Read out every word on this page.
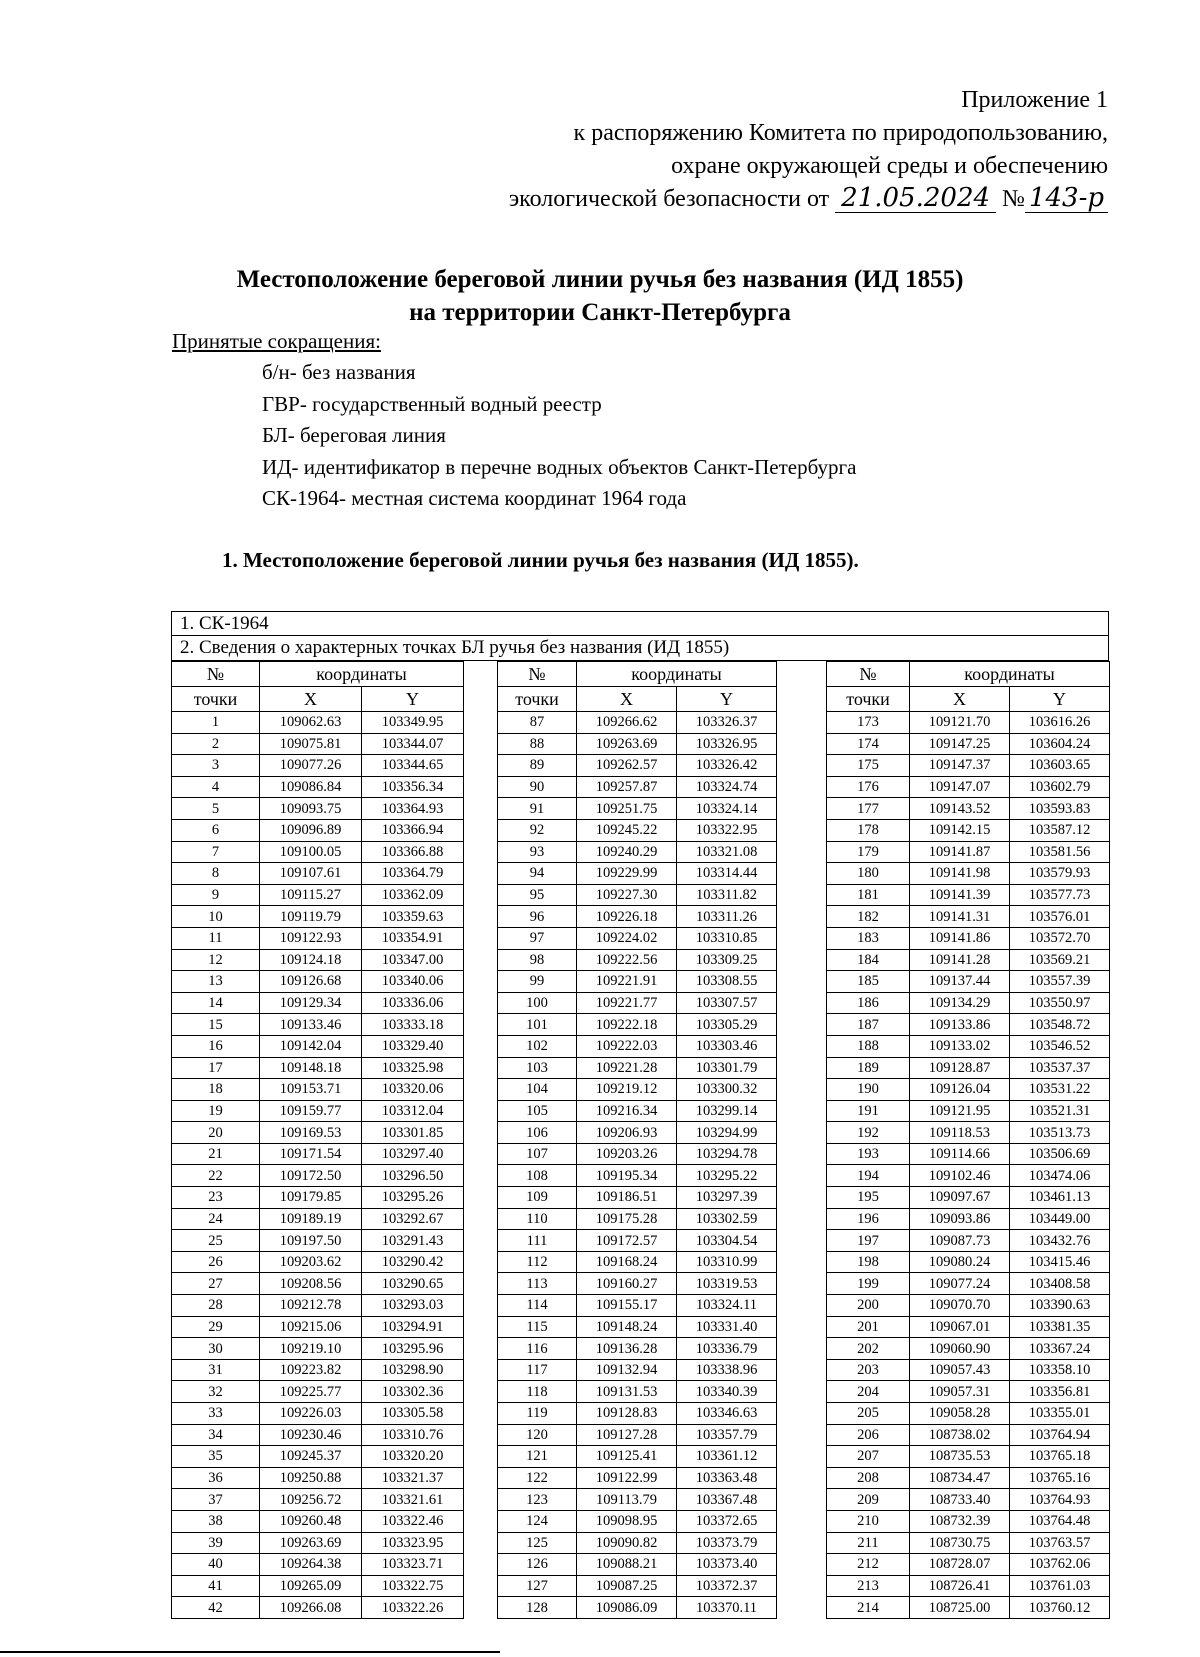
Приложение 1
к распоряжению Комитета по природопользованию,
охране окружающей среды и обеспечению
экологической безопасности от 21.05.2024 № 143-р
Местоположение береговой линии ручья без названия (ИД 1855)
на территории Санкт-Петербурга
Принятые сокращения:
б/н- без названия
ГВР- государственный водный реестр
БЛ- береговая линия
ИД- идентификатор в перечне водных объектов Санкт-Петербурга
СК-1964- местная система координат 1964 года
1. Местоположение береговой линии ручья без названия (ИД 1855).
1. СК-1964
2. Сведения о характерных точках БЛ ручья без названия (ИД 1855)
№	координаты	
точки	X	Y
1	109062.63	103349.95
2	109075.81	103344.07
3	109077.26	103344.65
4	109086.84	103356.34
5	109093.75	103364.93
6	109096.89	103366.94
7	109100.05	103366.88
8	109107.61	103364.79
9	109115.27	103362.09
10	109119.79	103359.63
11	109122.93	103354.91
12	109124.18	103347.00
13	109126.68	103340.06
14	109129.34	103336.06
15	109133.46	103333.18
16	109142.04	103329.40
17	109148.18	103325.98
18	109153.71	103320.06
19	109159.77	103312.04
20	109169.53	103301.85
21	109171.54	103297.40
22	109172.50	103296.50
23	109179.85	103295.26
24	109189.19	103292.67
25	109197.50	103291.43
26	109203.62	103290.42
27	109208.56	103290.65
28	109212.78	103293.03
29	109215.06	103294.91
30	109219.10	103295.96
31	109223.82	103298.90
32	109225.77	103302.36
33	109226.03	103305.58
34	109230.46	103310.76
35	109245.37	103320.20
36	109250.88	103321.37
37	109256.72	103321.61
38	109260.48	103322.46
39	109263.69	103323.95
40	109264.38	103323.71
41	109265.09	103322.75
42	109266.08	103322.26
№	координаты	
точки	X	Y
87	109266.62	103326.37
88	109263.69	103326.95
89	109262.57	103326.42
90	109257.87	103324.74
91	109251.75	103324.14
92	109245.22	103322.95
93	109240.29	103321.08
94	109229.99	103314.44
95	109227.30	103311.82
96	109226.18	103311.26
97	109224.02	103310.85
98	109222.56	103309.25
99	109221.91	103308.55
100	109221.77	103307.57
101	109222.18	103305.29
102	109222.03	103303.46
103	109221.28	103301.79
104	109219.12	103300.32
105	109216.34	103299.14
106	109206.93	103294.99
107	109203.26	103294.78
108	109195.34	103295.22
109	109186.51	103297.39
110	109175.28	103302.59
111	109172.57	103304.54
112	109168.24	103310.99
113	109160.27	103319.53
114	109155.17	103324.11
115	109148.24	103331.40
116	109136.28	103336.79
117	109132.94	103338.96
118	109131.53	103340.39
119	109128.83	103346.63
120	109127.28	103357.79
121	109125.41	103361.12
122	109122.99	103363.48
123	109113.79	103367.48
124	109098.95	103372.65
125	109090.82	103373.79
126	109088.21	103373.40
127	109087.25	103372.37
128	109086.09	103370.11
№	координаты	
точки	X	Y
173	109121.70	103616.26
174	109147.25	103604.24
175	109147.37	103603.65
176	109147.07	103602.79
177	109143.52	103593.83
178	109142.15	103587.12
179	109141.87	103581.56
180	109141.98	103579.93
181	109141.39	103577.73
182	109141.31	103576.01
183	109141.86	103572.70
184	109141.28	103569.21
185	109137.44	103557.39
186	109134.29	103550.97
187	109133.86	103548.72
188	109133.02	103546.52
189	109128.87	103537.37
190	109126.04	103531.22
191	109121.95	103521.31
192	109118.53	103513.73
193	109114.66	103506.69
194	109102.46	103474.06
195	109097.67	103461.13
196	109093.86	103449.00
197	109087.73	103432.76
198	109080.24	103415.46
199	109077.24	103408.58
200	109070.70	103390.63
201	109067.01	103381.35
202	109060.90	103367.24
203	109057.43	103358.10
204	109057.31	103356.81
205	109058.28	103355.01
206	108738.02	103764.94
207	108735.53	103765.18
208	108734.47	103765.16
209	108733.40	103764.93
210	108732.39	103764.48
211	108730.75	103763.57
212	108728.07	103762.06
213	108726.41	103761.03
214	108725.00	103760.12
